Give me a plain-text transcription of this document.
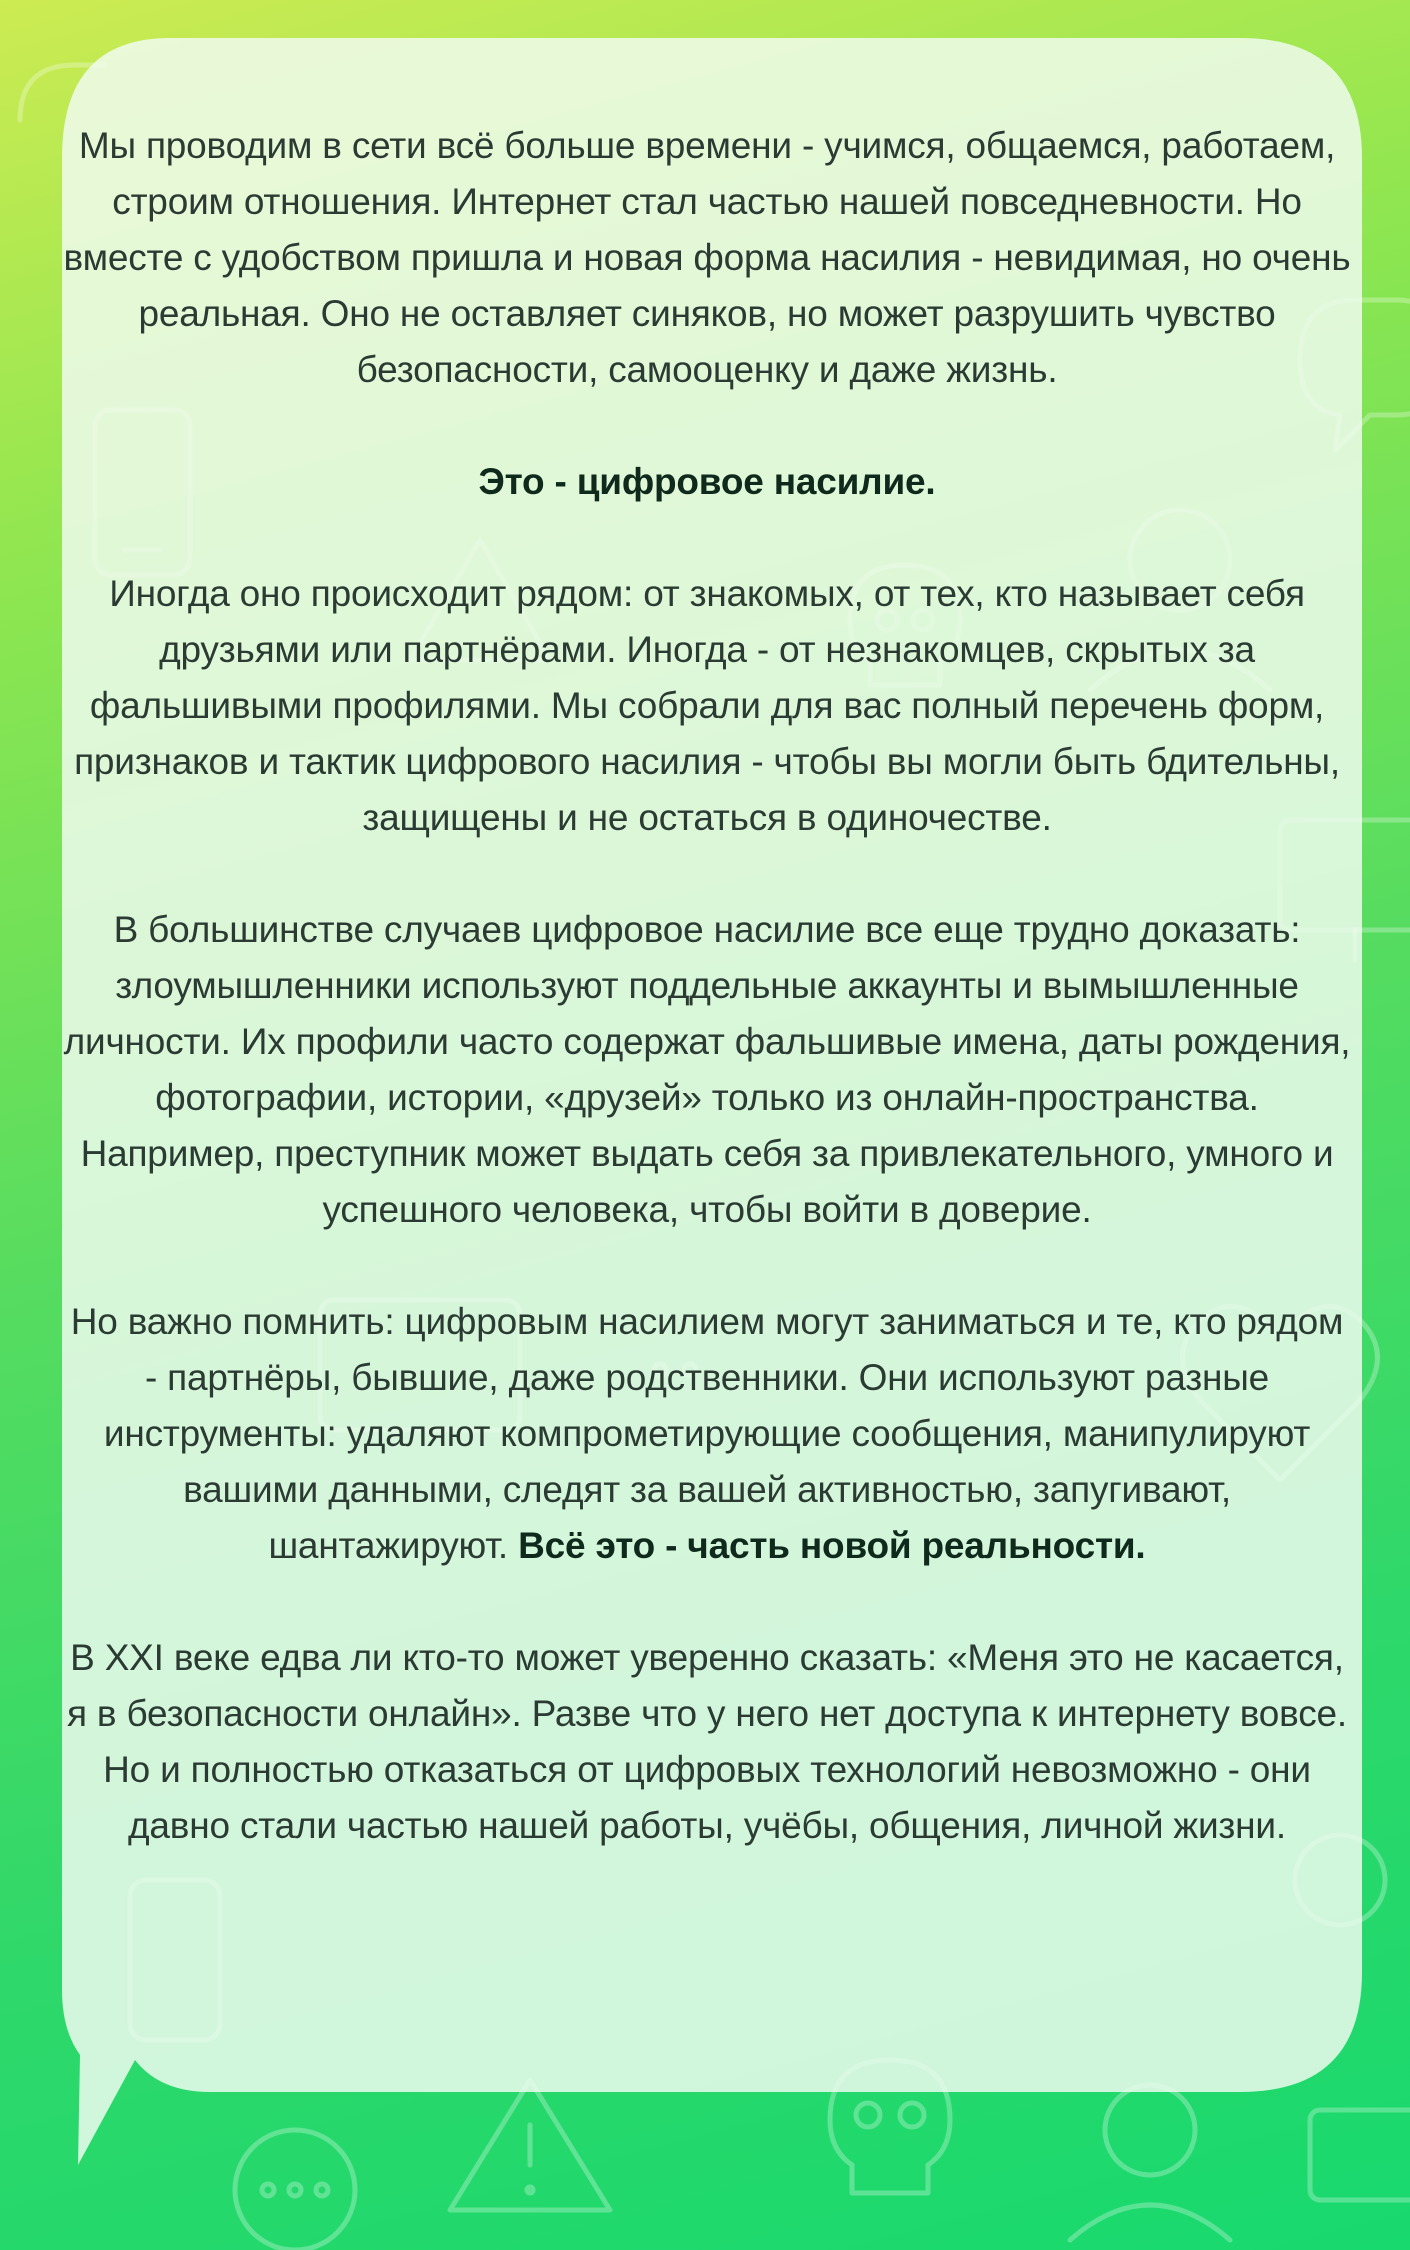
Мы проводим в сети всё больше времени - учимся, общаемся, работаем, строим отношения. Интернет стал частью нашей повседневности. Но вместе с удобством пришла и новая форма насилия - невидимая, но очень реальная. Оно не оставляет синяков, но может разрушить чувство безопасности, самооценку и даже жизнь.

Это - цифровое насилие.

Иногда оно происходит рядом: от знакомых, от тех, кто называет себя друзьями или партнёрами. Иногда - от незнакомцев, скрытых за фальшивыми профилями. Мы собрали для вас полный перечень форм, признаков и тактик цифрового насилия - чтобы вы могли быть бдительны, защищены и не остаться в одиночестве.

В большинстве случаев цифровое насилие все еще трудно доказать: злоумышленники используют поддельные аккаунты и вымышленные личности. Их профили часто содержат фальшивые имена, даты рождения, фотографии, истории, «друзей» только из онлайн-пространства. Например, преступник может выдать себя за привлекательного, умного и успешного человека, чтобы войти в доверие.

Но важно помнить: цифровым насилием могут заниматься и те, кто рядом - партнёры, бывшие, даже родственники. Они используют разные инструменты: удаляют компрометирующие сообщения, манипулируют вашими данными, следят за вашей активностью, запугивают, шантажируют. Всё это - часть новой реальности.

В XXI веке едва ли кто-то может уверенно сказать: «Меня это не касается, я в безопасности онлайн». Разве что у него нет доступа к интернету вовсе. Но и полностью отказаться от цифровых технологий невозможно - они давно стали частью нашей работы, учёбы, общения, личной жизни.
